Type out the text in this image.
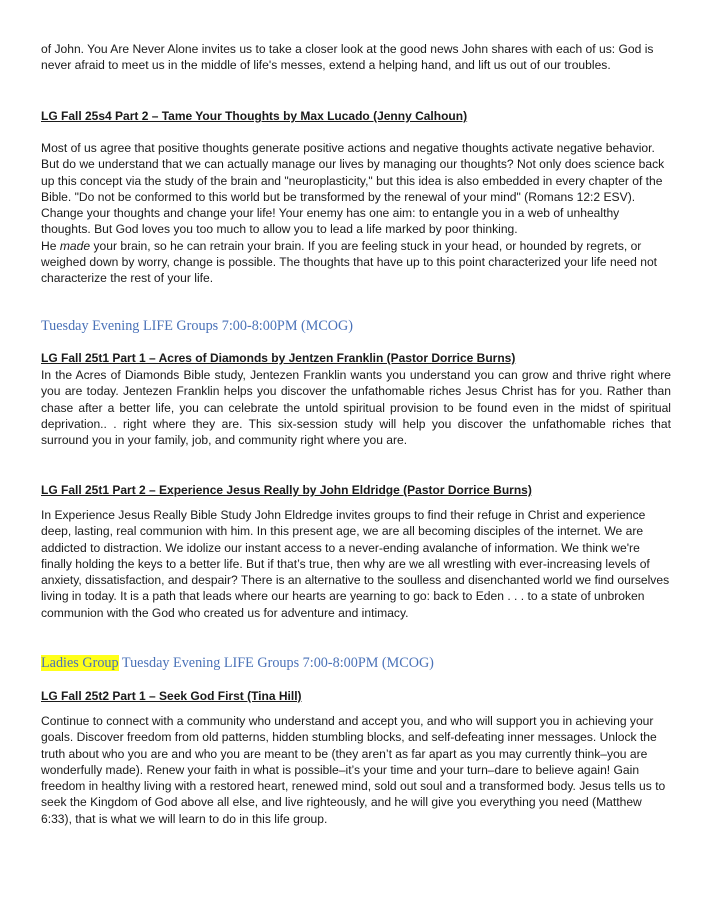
of John. You Are Never Alone invites us to take a closer look at the good news John shares with each of us: God is never afraid to meet us in the middle of life's messes, extend a helping hand, and lift us out of our troubles.

LG Fall 25s4 Part 2 – Tame Your Thoughts by Max Lucado (Jenny Calhoun)

Most of us agree that positive thoughts generate positive actions and negative thoughts activate negative behavior. But do we understand that we can actually manage our lives by managing our thoughts? Not only does science back up this concept via the study of the brain and "neuroplasticity," but this idea is also embedded in every chapter of the Bible. "Do not be conformed to this world but be transformed by the renewal of your mind" (Romans 12:2 ESV). Change your thoughts and change your life! Your enemy has one aim: to entangle you in a web of unhealthy thoughts. But God loves you too much to allow you to lead a life marked by poor thinking.
He made your brain, so he can retrain your brain. If you are feeling stuck in your head, or hounded by regrets, or weighed down by worry, change is possible. The thoughts that have up to this point characterized your life need not characterize the rest of your life.

Tuesday Evening LIFE Groups 7:00-8:00PM (MCOG)

LG Fall 25t1 Part 1 – Acres of Diamonds by Jentzen Franklin (Pastor Dorrice Burns)

In the Acres of Diamonds Bible study, Jentezen Franklin wants you understand you can grow and thrive right where you are today. Jentezen Franklin helps you discover the unfathomable riches Jesus Christ has for you. Rather than chase after a better life, you can celebrate the untold spiritual provision to be found even in the midst of spiritual deprivation.. . right where they are. This six-session study will help you discover the unfathomable riches that surround you in your family, job, and community right where you are.

LG Fall 25t1 Part 2 – Experience Jesus Really by John Eldridge (Pastor Dorrice Burns)

In Experience Jesus Really Bible Study John Eldredge invites groups to find their refuge in Christ and experience deep, lasting, real communion with him. In this present age, we are all becoming disciples of the internet. We are addicted to distraction. We idolize our instant access to a never-ending avalanche of information. We think we're finally holding the keys to a better life. But if that’s true, then why are we all wrestling with ever-increasing levels of anxiety, dissatisfaction, and despair? There is an alternative to the soulless and disenchanted world we find ourselves living in today. It is a path that leads where our hearts are yearning to go: back to Eden . . . to a state of unbroken communion with the God who created us for adventure and intimacy.

Ladies Group Tuesday Evening LIFE Groups 7:00-8:00PM (MCOG)

LG Fall 25t2 Part 1 – Seek God First (Tina Hill)

Continue to connect with a community who understand and accept you, and who will support you in achieving your goals. Discover freedom from old patterns, hidden stumbling blocks, and self-defeating inner messages. Unlock the truth about who you are and who you are meant to be (they aren’t as far apart as you may currently think–you are wonderfully made). Renew your faith in what is possible–it’s your time and your turn–dare to believe again! Gain freedom in healthy living with a restored heart, renewed mind, sold out soul and a transformed body. Jesus tells us to seek the Kingdom of God above all else, and live righteously, and he will give you everything you need (Matthew 6:33), that is what we will learn to do in this life group.
